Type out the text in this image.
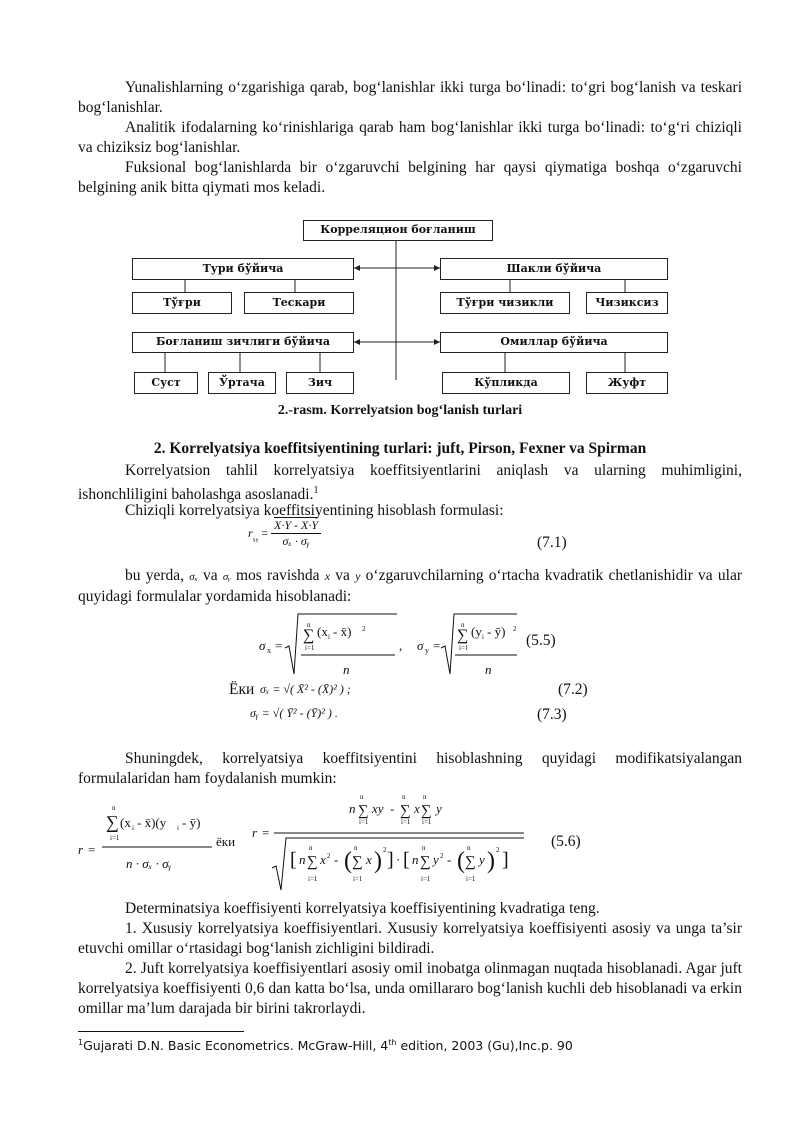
Yunalishlarning o‘zgarishiga qarab, bog‘lanishlar ikki turga bo‘linadi: to‘gri bog‘lanish va teskari bog‘lanishlar.
Analitik ifodalarning ko‘rinishlariga qarab ham bog‘lanishlar ikki turga bo‘linadi: to‘g‘ri chiziqli va chiziksiz bog‘lanishlar.
Fuksional bog‘lanishlarda bir o‘zgaruvchi belgining har qaysi qiymatiga boshqa o‘zgaruvchi belgining anik bitta qiymati mos keladi.
Корреляцион боғланиш
Тури бўйича	Шакли бўйича
Тўғри	Тескари	Тўғри чизикли	Чизиксиз
Боғланиш зичлиги бўйича	Омиллар бўйича
Суст	Ўртача	Зич	Кўпликда	Жуфт
2.-rasm. Korrelyatsion bog‘lanish turlari
2. Korrelyatsiya koeffitsiyentining turlari: juft, Pirson, Fexner va Spirman
Korrelyatsion tahlil korrelyatsiya koeffitsiyentlarini aniqlash va ularning muhimligini, ishonchliligini baholashga asoslanadi.$^1$
Chiziqli korrelyatsiya koeffitsiyentining hisoblash formulasi:
$r_{_xᵧ} = \frac{X\cdot Y - X\cdot Y}{\text{σₓ · σᵧ}}$	(7.1)
bu yerda, σₓ va σᵧ mos ravishda x va y o‘zgaruvchilarning o‘rtacha kvadratik chetlanishidir va ular quyidagi formulalar yordamida hisoblanadi:
σ x =
n
∑
i=1
(x i - x̄) 2
n
, σ y =
n
∑
i=1
(y i - ȳ) 2
n
(5.5)
Ёки σₓ = √( X̄² - (X̄)² ) ;	(7.2)
σᵧ = √( Ȳ² - (Ȳ)² ) .	(7.3)
Shuningdek, korrelyatsiya koeffitsiyentini hisoblashning quyidagi modifikatsiyalangan formulalaridan ham foydalanish mumkin:
r =
n
∑
i=1
(x i - x̄)(y i - ȳ)
n · σₓ · σᵧ
ёки
r =
n ∑
n
i=1
xy - ∑
n
i=1
x ∑
n
i=1
y
[ n ∑
n
i=1
x 2 - ( ∑
n
i=1
x ) 2 ] · [ n ∑
n
i=1
y 2 - ( ∑
n
i=1
y ) 2 ]
(5.6)
Determinatsiya koeffisiyenti korrelyatsiya koeffisiyentining kvadratiga teng.
1. Xususiy korrelyatsiya koeffisiyentlari. Xususiy korrelyatsiya koeffisiyenti asosiy va unga ta’sir etuvchi omillar o‘rtasidagi bog‘lanish zichligini bildiradi.
2. Juft korrelyatsiya koeffisiyentlari asosiy omil inobatga olinmagan nuqtada hisoblanadi. Agar juft korrelyatsiya koeffisiyenti 0,6 dan katta bo‘lsa, unda omillararo bog‘lanish kuchli deb hisoblanadi va erkin omillar ma’lum darajada bir birini takrorlaydi.
$^1$Gujarati D.N. Basic Econometrics. McGraw-Hill, 4th edition, 2003 (Gu),Inc.p. 90
